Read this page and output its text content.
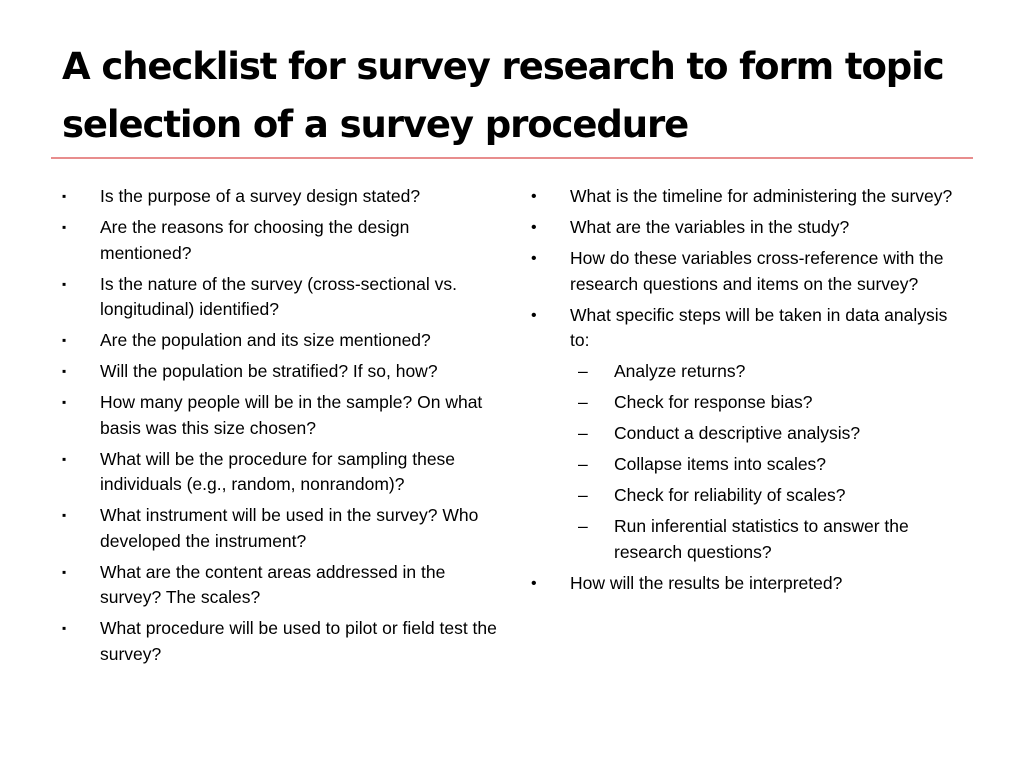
A checklist for survey research to form topic selection of a survey procedure
▪	Is the purpose of a survey design stated?
▪	Are the reasons for choosing the design mentioned?
▪	Is the nature of the survey (cross-sectional vs. longitudinal) identified?
▪	Are the population and its size mentioned?
▪	Will the population be stratified? If so, how?
▪	How many people will be in the sample? On what basis was this size chosen?
▪	What will be the procedure for sampling these individuals (e.g., random, nonrandom)?
▪	What instrument will be used in the survey? Who developed the instrument?
▪	What are the content areas addressed in the survey? The scales?
▪	What procedure will be used to pilot or field test the survey?
•	What is the timeline for administering the survey?
•	What are the variables in the study?
•	How do these variables cross-reference with the research questions and items on the survey?
•	What specific steps will be taken in data analysis to:
– Analyze returns?
– Check for response bias?
– Conduct a descriptive analysis?
– Collapse items into scales?
– Check for reliability of scales?
– Run inferential statistics to answer the research questions?
•	How will the results be interpreted?
